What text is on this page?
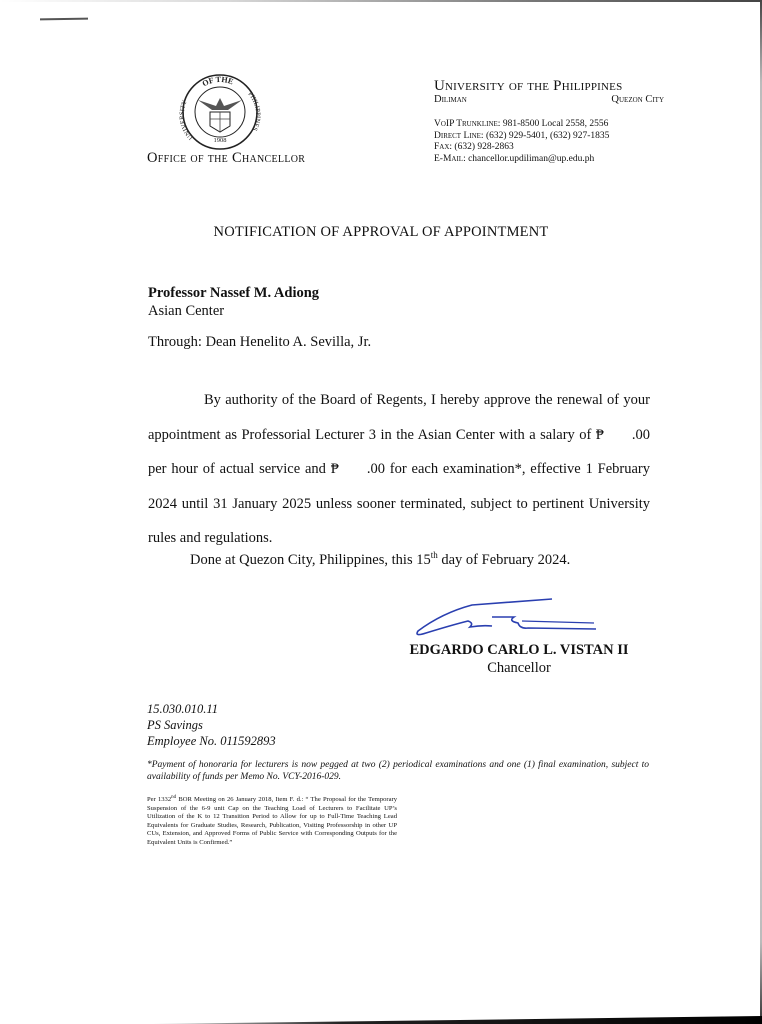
OF THE
UNIVERSITY
PHILIPPINES
1908
Office of the Chancellor
University of the Philippines
Diliman	Quezon City
VoIP Trunkline: 981-8500 Local 2558, 2556
Direct Line: (632) 929-5401, (632) 927-1835
Fax: (632) 928-2863
E-Mail: chancellor.updiliman@up.edu.ph
NOTIFICATION OF APPROVAL OF APPOINTMENT
Professor Nassef M. Adiong
Asian Center
Through: Dean Henelito A. Sevilla, Jr.

By authority of the Board of Regents, I hereby approve the renewal of your appointment as Professorial Lecturer 3 in the Asian Center with a salary of ₱ .00 per hour of actual service and ₱ .00 for each examination*, effective 1 February 2024 until 31 January 2025 unless sooner terminated, subject to pertinent University rules and regulations.

Done at Quezon City, Philippines, this 15th day of February 2024.
EDGARDO CARLO L. VISTAN II
Chancellor
15.030.010.11
PS Savings
Employee No. 011592893
*Payment of honoraria for lecturers is now pegged at two (2) periodical examinations and one (1) final examination, subject to availability of funds per Memo No. VCY-2016-029.
Per 1332nd BOR Meeting on 26 January 2018, Item F. d.: “ The Proposal for the Temporary Suspension of the 6-9 unit Cap on the Teaching Load of Lecturers to Facilitate UP’s Utilization of the K to 12 Transition Period to Allow for up to Full-Time Teaching Lead Equivalents for Graduate Studies, Research, Publication, Visiting Professorship in other UP CUs, Extension, and Approved Forms of Public Service with Corresponding Outputs for the Equivalent Units is Confirmed.”
